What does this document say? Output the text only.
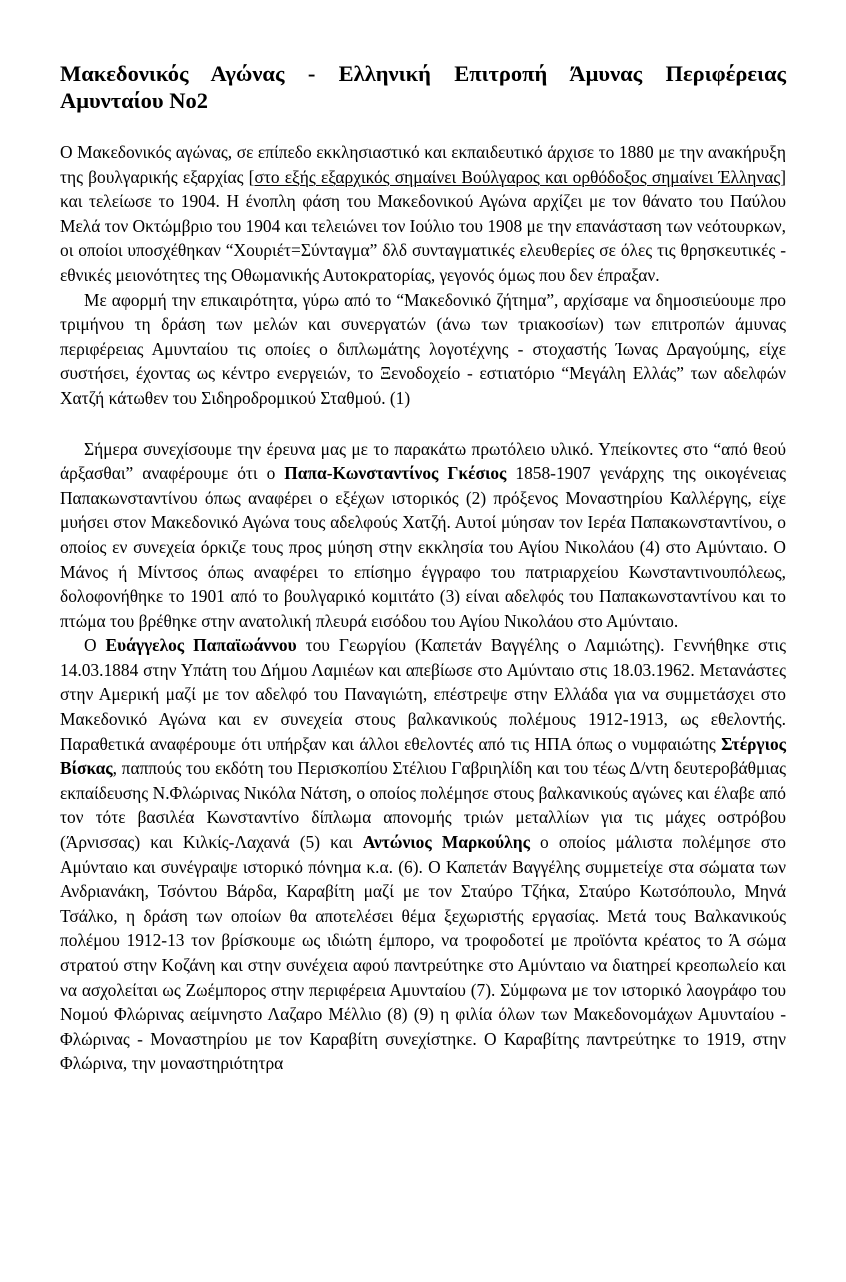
Μακεδονικός Αγώνας - Ελληνική Επιτροπή Άμυνας Περιφέρειας Αμυνταίου Νο2

Ο Μακεδονικός αγώνας, σε επίπεδο εκκλησιαστικό και εκπαιδευτικό άρχισε το 1880 με την ανακήρυξη της βουλγαρικής εξαρχίας [στο εξής εξαρχικός σημαίνει Βούλγαρος και ορθόδοξος σημαίνει Έλληνας] και τελείωσε το 1904. Η ένοπλη φάση του Μακεδονικού Αγώνα αρχίζει με τον θάνατο του Παύλου Μελά τον Οκτώμβριο του 1904 και τελειώνει τον Ιούλιο του 1908 με την επανάσταση των νεότουρκων, οι οποίοι υποσχέθηκαν “Χουριέτ=Σύνταγμα” δλδ συνταγματικές ελευθερίες σε όλες τις θρησκευτικές - εθνικές μειονότητες της Οθωμανικής Αυτοκρατορίας, γεγονός όμως που δεν έπραξαν.

Με αφορμή την επικαιρότητα, γύρω από το “Μακεδονικό ζήτημα”, αρχίσαμε να δημοσιεύουμε προ τριμήνου τη δράση των μελών και συνεργατών (άνω των τριακοσίων) των επιτροπών άμυνας περιφέρειας Αμυνταίου τις οποίες ο διπλωμάτης λογοτέχνης - στοχαστής Ίωνας Δραγούμης, είχε συστήσει, έχοντας ως κέντρο ενεργειών, το Ξενοδοχείο - εστιατόριο “Μεγάλη Ελλάς” των αδελφών Χατζή κάτωθεν του Σιδηροδρομικού Σταθμού. (1)

Σήμερα συνεχίσουμε την έρευνα μας με το παρακάτω πρωτόλειο υλικό. Υπείκοντες στο “από θεού άρξασθαι” αναφέρουμε ότι ο Παπα-Κωνσταντίνος Γκέσιος 1858-1907 γενάρχης της οικογένειας Παπακωνσταντίνου όπως αναφέρει ο εξέχων ιστορικός (2) πρόξενος Μοναστηρίου Καλλέργης, είχε μυήσει στον Μακεδονικό Αγώνα τους αδελφούς Χατζή. Αυτοί μύησαν τον Ιερέα Παπακωνσταντίνου, ο οποίος εν συνεχεία όρκιζε τους προς μύηση στην εκκλησία του Αγίου Νικολάου (4) στο Αμύνταιο. Ο Μάνος ή Μίντσος όπως αναφέρει το επίσημο έγγραφο του πατριαρχείου Κωνσταντινουπόλεως, δολοφονήθηκε το 1901 από το βουλγαρικό κομιτάτο (3) είναι αδελφός του Παπακωνσταντίνου και το πτώμα του βρέθηκε στην ανατολική πλευρά εισόδου του Αγίου Νικολάου στο Αμύνταιο.

Ο Ευάγγελος Παπαϊωάννου του Γεωργίου (Καπετάν Βαγγέλης ο Λαμιώτης). Γεννήθηκε στις 14.03.1884 στην Υπάτη του Δήμου Λαμιέων και απεβίωσε στο Αμύνταιο στις 18.03.1962. Μετανάστες στην Αμερική μαζί με τον αδελφό του Παναγιώτη, επέστρεψε στην Ελλάδα για να συμμετάσχει στο Μακεδονικό Αγώνα και εν συνεχεία στους βαλκανικούς πολέμους 1912-1913, ως εθελοντής. Παραθετικά αναφέρουμε ότι υπήρξαν και άλλοι εθελοντές από τις ΗΠΑ όπως ο νυμφαιώτης Στέργιος Βίσκας, παππούς του εκδότη του Περισκοπίου Στέλιου Γαβριηλίδη και του τέως Δ/ντη δευτεροβάθμιας εκπαίδευσης Ν.Φλώρινας Νικόλα Νάτση, ο οποίος πολέμησε στους βαλκανικούς αγώνες και έλαβε από τον τότε βασιλέα Κωνσταντίνο δίπλωμα απονομής τριών μεταλλίων για τις μάχες οστρόβου (Άρνισσας) και Κιλκίς-Λαχανά (5) και Αντώνιος Μαρκούλης ο οποίος μάλιστα πολέμησε στο Αμύνταιο και συνέγραψε ιστορικό πόνημα κ.α. (6). Ο Καπετάν Βαγγέλης συμμετείχε στα σώματα των Ανδριανάκη, Τσόντου Βάρδα, Καραβίτη μαζί με τον Σταύρο Τζήκα, Σταύρο Κωτσόπουλο, Μηνά Τσάλκο, η δράση των οποίων θα αποτελέσει θέμα ξεχωριστής εργασίας. Μετά τους Βαλκανικούς πολέμου 1912-13 τον βρίσκουμε ως ιδιώτη έμπορο, να τροφοδοτεί με προϊόντα κρέατος το Ά σώμα στρατού στην Κοζάνη και στην συνέχεια αφού παντρεύτηκε στο Αμύνταιο να διατηρεί κρεοπωλείο και να ασχολείται ως Ζωέμπορος στην περιφέρεια Αμυνταίου (7). Σύμφωνα με τον ιστορικό λαογράφο του Νομού Φλώρινας αείμνηστο Λαζαρο Μέλλιο (8) (9) η φιλία όλων των Μακεδονομάχων Αμυνταίου - Φλώρινας - Μοναστηρίου με τον Καραβίτη συνεχίστηκε. Ο Καραβίτης παντρεύτηκε το 1919, στην Φλώρινα, την μοναστηριότητρα
